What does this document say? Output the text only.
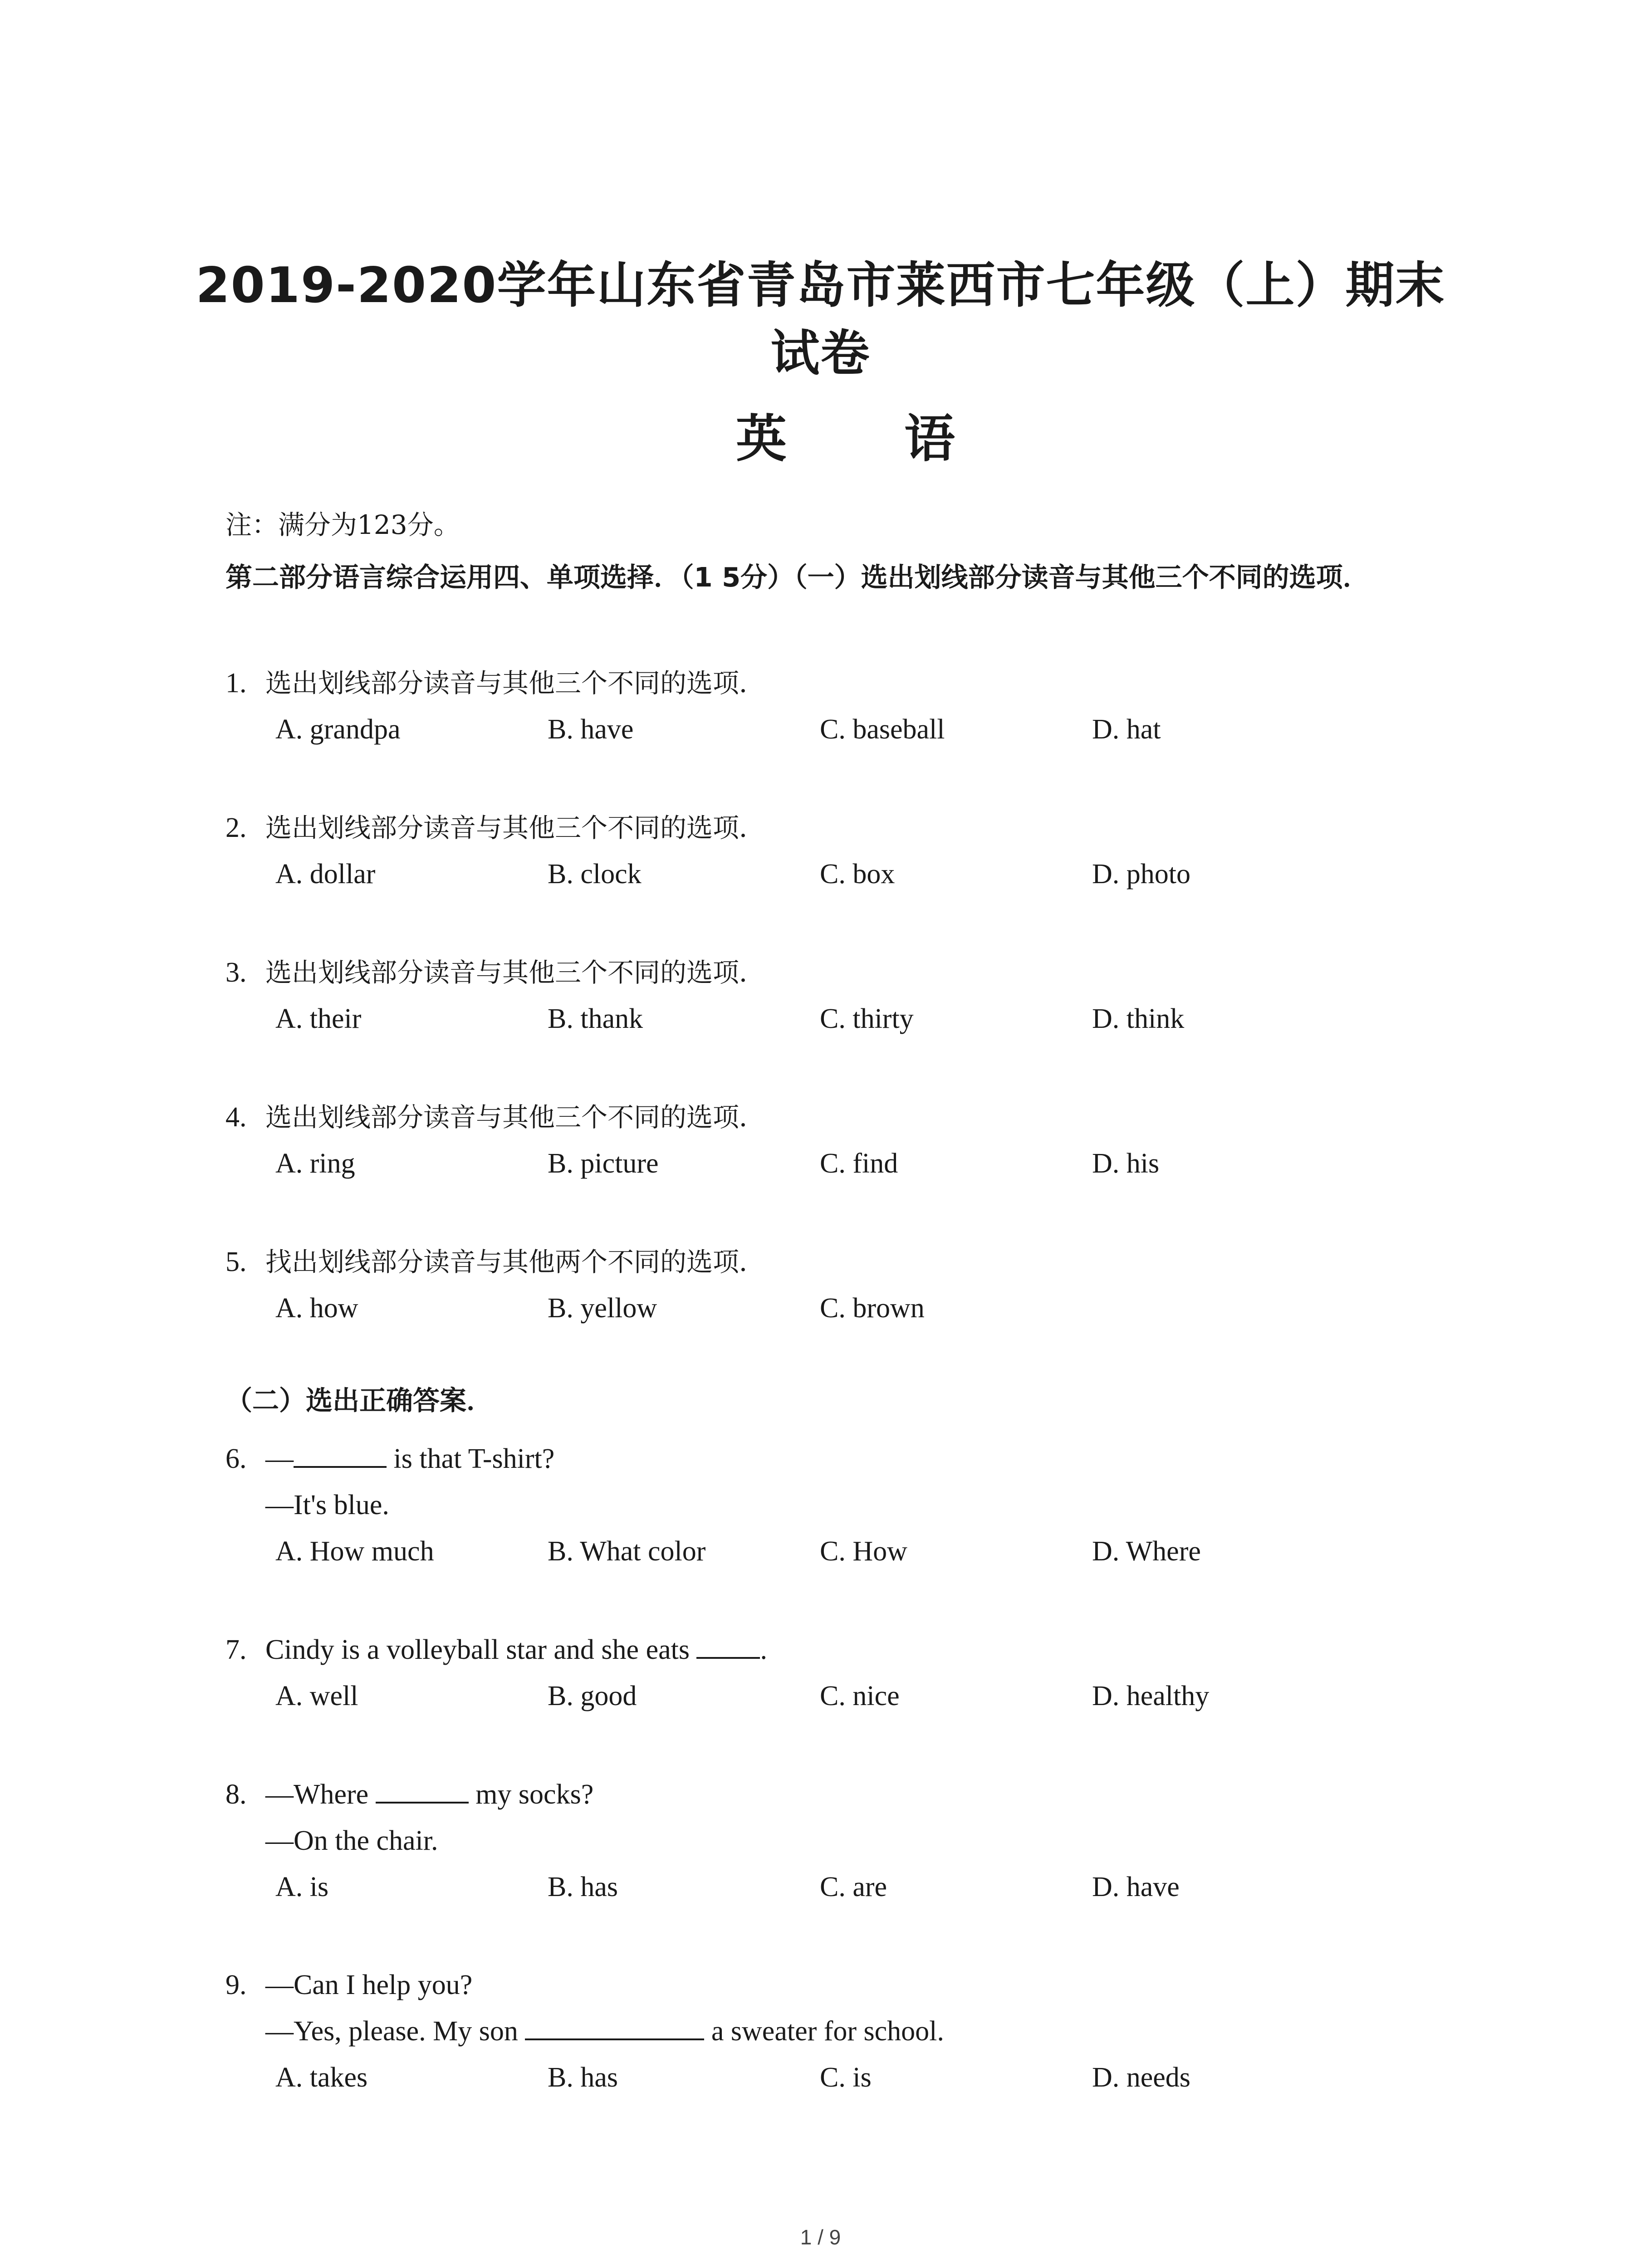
2019-2020学年山东省青岛市莱西市七年级（上）期末
试卷
英 语
注：满分为123分。
第二部分语言综合运用四、单项选择．（1 5分）（一）选出划线部分读音与其他三个不同的选项．
1. 选出划线部分读音与其他三个不同的选项．
A. grandpa	B. have	C. baseball	D. hat
2. 选出划线部分读音与其他三个不同的选项．
A. dollar	B. clock	C. box	D. photo
3. 选出划线部分读音与其他三个不同的选项．
A. their	B. thank	C. thirty	D. think
4. 选出划线部分读音与其他三个不同的选项．
A. ring	B. picture	C. find	D. his
5. 找出划线部分读音与其他两个不同的选项．
A. how	B. yellow	C. brown
（二）选出正确答案．
6. —	is that T-shirt?
—It's blue.
A. How much	B. What color	C. How	D. Where
7. Cindy is a volleyball star and she eats .
A. well	B. good	C. nice	D. healthy
8. —Where	my socks?
—On the chair.
A. is	B. has	C. are	D. have
9. —Can I help you?
—Yes, please. My son	a sweater for school.
A. takes	B. has	C. is	D. needs
1 / 9
